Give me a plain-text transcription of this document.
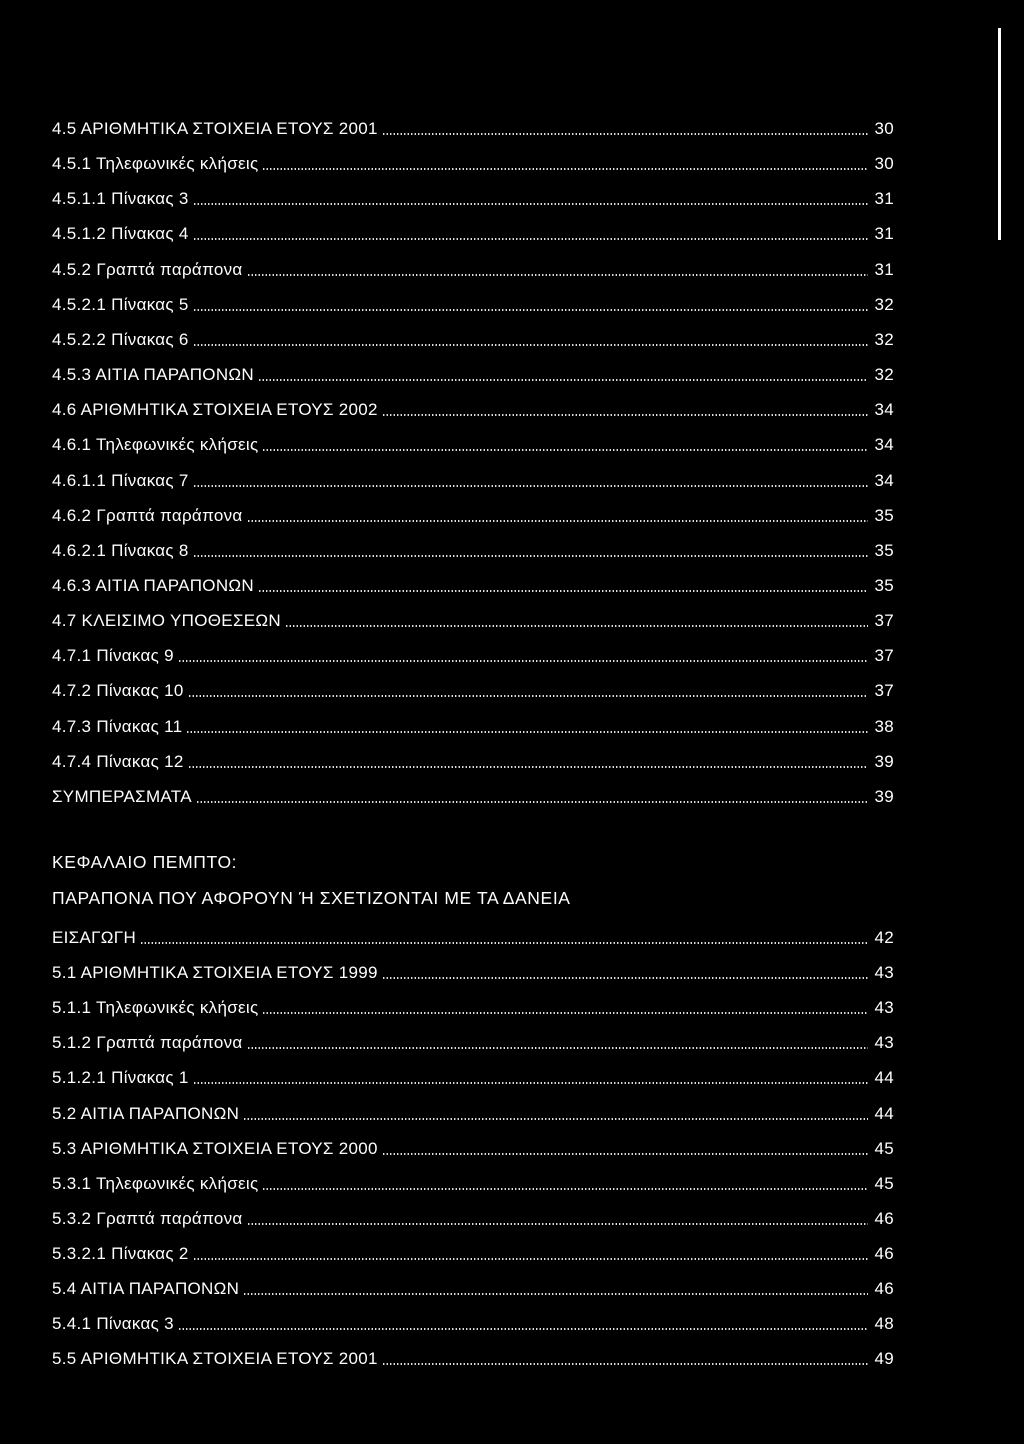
4.5 ΑΡΙΘΜΗΤΙΚΑ ΣΤΟΙΧΕΙΑ ΕΤΟΥΣ 2001	30
4.5.1 Τηλεφωνικές κλήσεις	30
4.5.1.1 Πίνακας 3	31
4.5.1.2 Πίνακας 4	31
4.5.2 Γραπτά παράπονα	31
4.5.2.1 Πίνακας 5	32
4.5.2.2 Πίνακας 6	32
4.5.3 ΑΙΤΙΑ ΠΑΡΑΠΟΝΩΝ	32
4.6 ΑΡΙΘΜΗΤΙΚΑ ΣΤΟΙΧΕΙΑ ΕΤΟΥΣ 2002	34
4.6.1 Τηλεφωνικές κλήσεις	34
4.6.1.1 Πίνακας 7	34
4.6.2 Γραπτά παράπονα	35
4.6.2.1 Πίνακας 8	35
4.6.3 ΑΙΤΙΑ ΠΑΡΑΠΟΝΩΝ	35
4.7 ΚΛΕΙΣΙΜΟ ΥΠΟΘΕΣΕΩΝ	37
4.7.1 Πίνακας 9	37
4.7.2 Πίνακας 10	37
4.7.3 Πίνακας 11	38
4.7.4 Πίνακας 12	39
ΣΥΜΠΕΡΑΣΜΑΤΑ	39
ΚΕΦΑΛΑΙΟ ΠΕΜΠΤΟ:
ΠΑΡΑΠΟΝΑ ΠΟΥ ΑΦΟΡΟΥΝ Ή ΣΧΕΤΙΖΟΝΤΑΙ ΜΕ ΤΑ ΔΑΝΕΙΑ
ΕΙΣΑΓΩΓΗ	42
5.1 ΑΡΙΘΜΗΤΙΚΑ ΣΤΟΙΧΕΙΑ ΕΤΟΥΣ 1999	43
5.1.1 Τηλεφωνικές κλήσεις	43
5.1.2 Γραπτά παράπονα	43
5.1.2.1 Πίνακας 1	44
5.2 ΑΙΤΙΑ ΠΑΡΑΠΟΝΩΝ	44
5.3 ΑΡΙΘΜΗΤΙΚΑ ΣΤΟΙΧΕΙΑ ΕΤΟΥΣ 2000	45
5.3.1 Τηλεφωνικές κλήσεις	45
5.3.2 Γραπτά παράπονα	46
5.3.2.1 Πίνακας 2	46
5.4 ΑΙΤΙΑ ΠΑΡΑΠΟΝΩΝ	46
5.4.1 Πίνακας 3	48
5.5 ΑΡΙΘΜΗΤΙΚΑ ΣΤΟΙΧΕΙΑ ΕΤΟΥΣ 2001	49
